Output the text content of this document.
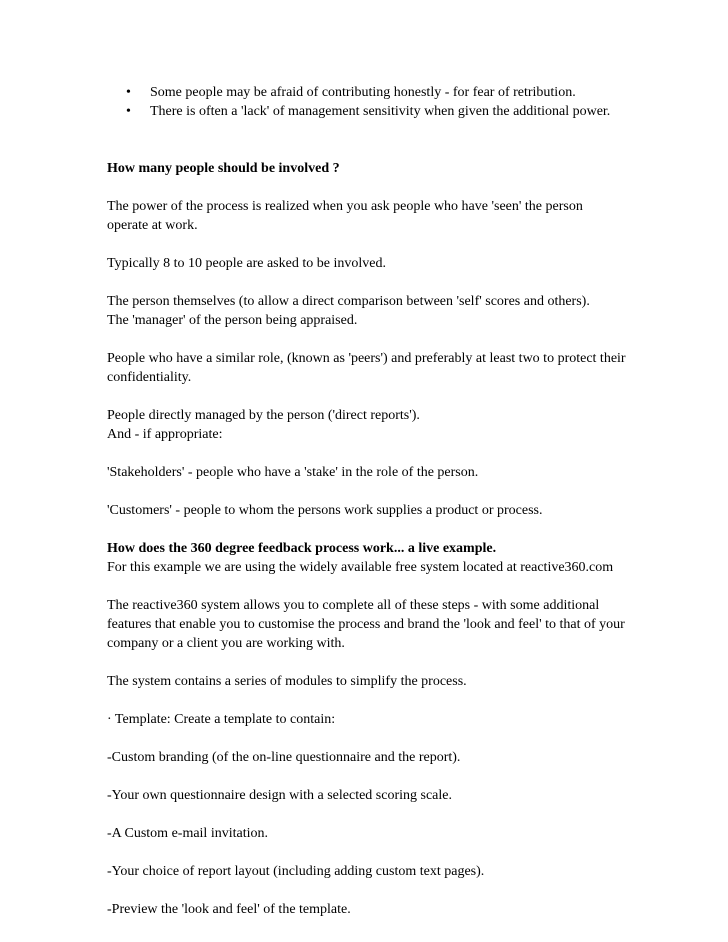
• Some people may be afraid of contributing honestly - for fear of retribution.
• There is often a 'lack' of management sensitivity when given the additional power.

How many people should be involved ?

The power of the process is realized when you ask people who have 'seen' the person operate at work.

Typically 8 to 10 people are asked to be involved.

The person themselves (to allow a direct comparison between 'self' scores and others).

The 'manager' of the person being appraised.

People who have a similar role, (known as 'peers') and preferably at least two to protect their confidentiality.

People directly managed by the person ('direct reports').

And - if appropriate:

'Stakeholders' - people who have a 'stake' in the role of the person.

'Customers' - people to whom the persons work supplies a product or process.

How does the 360 degree feedback process work... a live example.

For this example we are using the widely available free system located at reactive360.com

The reactive360 system allows you to complete all of these steps - with some additional features that enable you to customise the process and brand the 'look and feel' to that of your company or a client you are working with.

The system contains a series of modules to simplify the process.

· Template: Create a template to contain:

-Custom branding (of the on-line questionnaire and the report).

-Your own questionnaire design with a selected scoring scale.

-A Custom e-mail invitation.

-Your choice of report layout (including adding custom text pages).

-Preview the 'look and feel' of the template.
